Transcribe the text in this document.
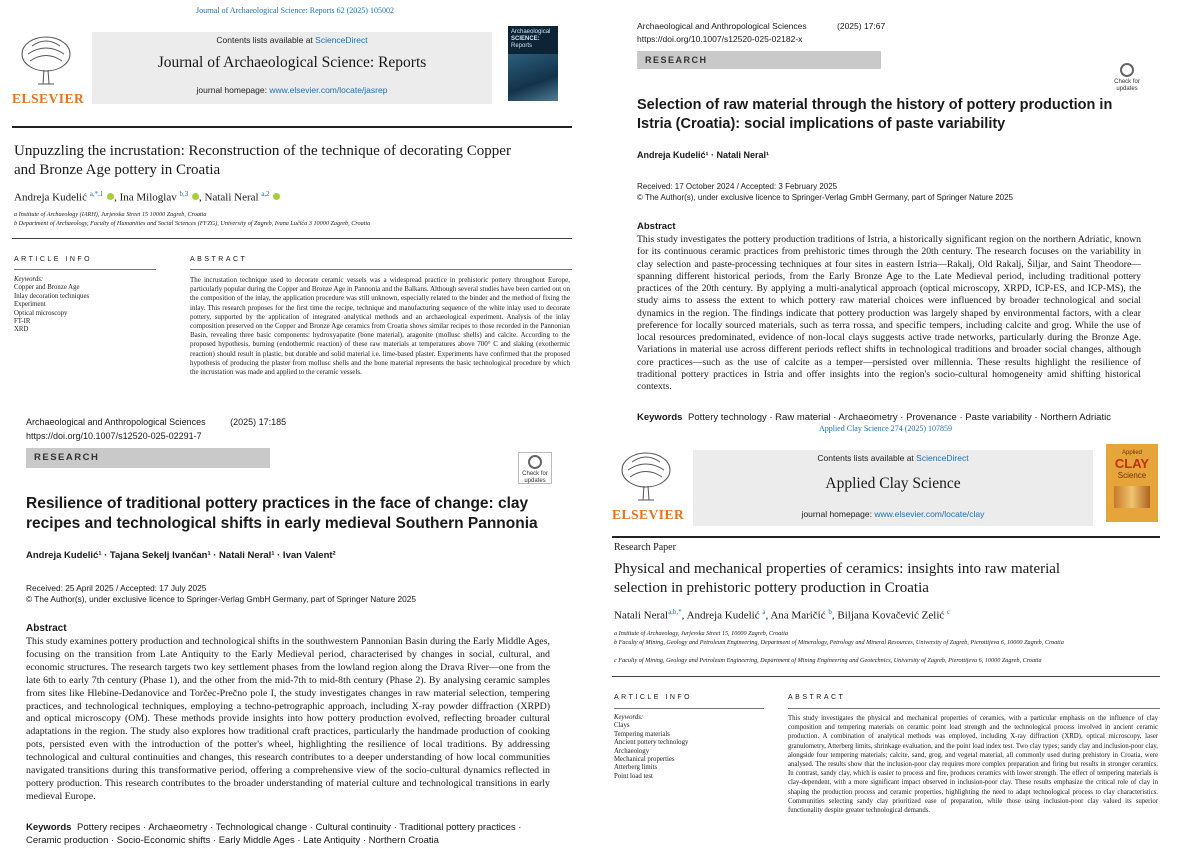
Journal of Archaeological Science: Reports 62 (2025) 105002
ELSEVIER
Contents lists available at ScienceDirect
Journal of Archaeological Science: Reports
journal homepage: www.elsevier.com/locate/jasrep
Archaeological
SCIENCE:
Reports
Unpuzzling the incrustation: Reconstruction of the technique of decorating Copper and Bronze Age pottery in Croatia
Andreja Kudelić $^{a,*,1}$ , Ina Miloglav $^{b,3}$ , Natali Neral $^{a,2}$
a Institute of Archaeology (IARH), Jurjevska Street 15 10000 Zagreb, Croatia
b Department of Archaeology, Faculty of Humanities and Social Sciences (FFZG), University of Zagreb, Ivana Lučića 3 10000 Zagreb, Croatia
ARTICLE INFO	ABSTRACT
Keywords:
Copper and Bronze Age
Inlay decoration techniques
Experiment
Optical microscopy
FT-IR
XRD
The incrustation technique used to decorate ceramic vessels was a widespread practice in prehistoric pottery throughout Europe, particularly popular during the Copper and Bronze Age in Pannonia and the Balkans. Although several studies have been carried out on the composition of the inlay, the application procedure was still unknown, especially related to the binder and the method of fixing the inlay. This research proposes for the first time the recipe, technique and manufacturing sequence of the white inlay used to decorate pottery, supported by the application of integrated analytical methods and an archaeological experiment. Analysis of the inlay composition preserved on the Copper and Bronze Age ceramics from Croatia shows similar recipes to those recorded in the Pannonian Basin, revealing three basic components: hydroxyapatite (bone material), aragonite (mollusc shells) and calcite. According to the proposed hypothesis, burning (endothermic reaction) of these raw materials at temperatures above 700° C and slaking (exothermic reaction) should result in plastic, but durable and solid material i.e. lime-based plaster. Experiments have confirmed that the proposed hypothesis of producing the plaster from mollusc shells and the bone material represents the basic technological procedure by which the incrustation was made and applied to the ceramic vessels.
Archaeological and Anthropological Sciences	(2025) 17:185
https://doi.org/10.1007/s12520-025-02291-7
RESEARCH
Check for updates
Resilience of traditional pottery practices in the face of change: clay recipes and technological shifts in early medieval Southern Pannonia
Andreja Kudelić¹ · Tajana Sekelj Ivančan¹ · Natali Neral¹ · Ivan Valent²
Received: 25 April 2025 / Accepted: 17 July 2025
© The Author(s), under exclusive licence to Springer-Verlag GmbH Germany, part of Springer Nature 2025
Abstract
This study examines pottery production and technological shifts in the southwestern Pannonian Basin during the Early Middle Ages, focusing on the transition from Late Antiquity to the Early Medieval period, characterised by changes in social, cultural, and economic structures. The research targets two key settlement phases from the lowland region along the Drava River—one from the late 6th to early 7th century (Phase 1), and the other from the mid-7th to mid-8th century (Phase 2). By analysing ceramic samples from sites like Hlebine-Dedanovice and Torčec-Prečno pole I, the study investigates changes in raw material selection, tempering practices, and technological techniques, employing a techno-petrographic approach, including X-ray powder diffraction (XRPD) and optical microscopy (OM). These methods provide insights into how pottery production evolved, reflecting broader cultural adaptations in the region. The study also explores how traditional craft practices, particularly the handmade production of cooking pots, persisted even with the introduction of the potter's wheel, highlighting the resilience of local traditions. By addressing technological and cultural continuities and changes, this research contributes to a deeper understanding of how local communities navigated transitions during this transformative period, offering a comprehensive view of the socio-cultural dynamics reflected in pottery production. This research contributes to the broader understanding of material culture and technological transitions in early medieval Europe.
Keywords Pottery recipes · Archaeometry · Technological change · Cultural continuity · Traditional pottery practices · Ceramic production · Socio-Economic shifts · Early Middle Ages · Late Antiquity · Northern Croatia
Archaeological and Anthropological Sciences	(2025) 17:67
https://doi.org/10.1007/s12520-025-02182-x
RESEARCH
Check for updates
Selection of raw material through the history of pottery production in Istria (Croatia): social implications of paste variability
Andreja Kudelić¹ · Natali Neral¹
Received: 17 October 2024 / Accepted: 3 February 2025
© The Author(s), under exclusive licence to Springer-Verlag GmbH Germany, part of Springer Nature 2025
Abstract
This study investigates the pottery production traditions of Istria, a historically significant region on the northern Adriatic, known for its continuous ceramic practices from prehistoric times through the 20th century. The research focuses on the variability in clay selection and paste-processing techniques at four sites in eastern Istria—Rakalj, Old Rakalj, Šiljar, and Saint Theodore—spanning different historical periods, from the Early Bronze Age to the Late Medieval period, including traditional pottery practices of the 20th century. By applying a multi-analytical approach (optical microscopy, XRPD, ICP-ES, and ICP-MS), the study aims to assess the extent to which pottery raw material choices were influenced by broader technological and social dynamics in the region. The findings indicate that pottery production was largely shaped by environmental factors, with a clear preference for locally sourced materials, such as terra rossa, and specific tempers, including calcite and grog. While the use of local resources predominated, evidence of non-local clays suggests active trade networks, particularly during the Bronze Age. Variations in material use across different periods reflect shifts in technological traditions and broader social changes, although core practices—such as the use of calcite as a temper—persisted over millennia. These results highlight the resilience of traditional pottery practices in Istria and offer insights into the region's socio-cultural homogeneity amid shifting historical contexts.
Keywords Pottery technology · Raw material · Archaeometry · Provenance · Paste variability · Northern Adriatic
Applied Clay Science 274 (2025) 107859
ELSEVIER
Contents lists available at ScienceDirect
Applied Clay Science
journal homepage: www.elsevier.com/locate/clay
Applied
CLAY
Science
Research Paper
Physical and mechanical properties of ceramics: insights into raw material selection in prehistoric pottery production in Croatia
Natali Neral$^{a,b,*}$, Andreja Kudelić $^a$, Ana Maričić $^b$, Biljana Kovačević Zelić $^c$
a Institute of Archaeology, Jurjevska Street 15, 10000 Zagreb, Croatia
b Faculty of Mining, Geology and Petroleum Engineering, Department of Mineralogy, Petrology and Mineral Resources, University of Zagreb, Pierottijeva 6, 10000 Zagreb, Croatia
c Faculty of Mining, Geology and Petroleum Engineering, Department of Mining Engineering and Geotechnics, University of Zagreb, Pierottijeva 6, 10000 Zagreb, Croatia
ARTICLE INFO	ABSTRACT
Keywords:
Clays
Tempering materials
Ancient pottery technology
Archaeology
Mechanical properties
Atterberg limits
Point load test
This study investigates the physical and mechanical properties of ceramics, with a particular emphasis on the influence of clay composition and tempering materials on ceramic point load strength and the technological process involved in ancient ceramic production. A combination of analytical methods was employed, including X-ray diffraction (XRD), optical microscopy, laser granulometry, Atterberg limits, shrinkage evaluation, and the point load index test. Two clay types; sandy clay and inclusion-poor clay, alongside four tempering materials; calcite, sand, grog, and vegetal material, all commonly used during prehistory in Croatia, were analysed. The results show that the inclusion-poor clay requires more complex preparation and firing but results in stronger ceramics. In contrast, sandy clay, which is easier to process and fire, produces ceramics with lower strength. The effect of tempering materials is clay-dependent, with a more significant impact observed in inclusion-poor clay. These results emphasize the critical role of clay in shaping the production process and ceramic properties, highlighting the need to adapt technological process to clay characteristics. Communities selecting sandy clay prioritized ease of preparation, while those using inclusion-poor clay valued its superior functionality despite greater technological demands.
